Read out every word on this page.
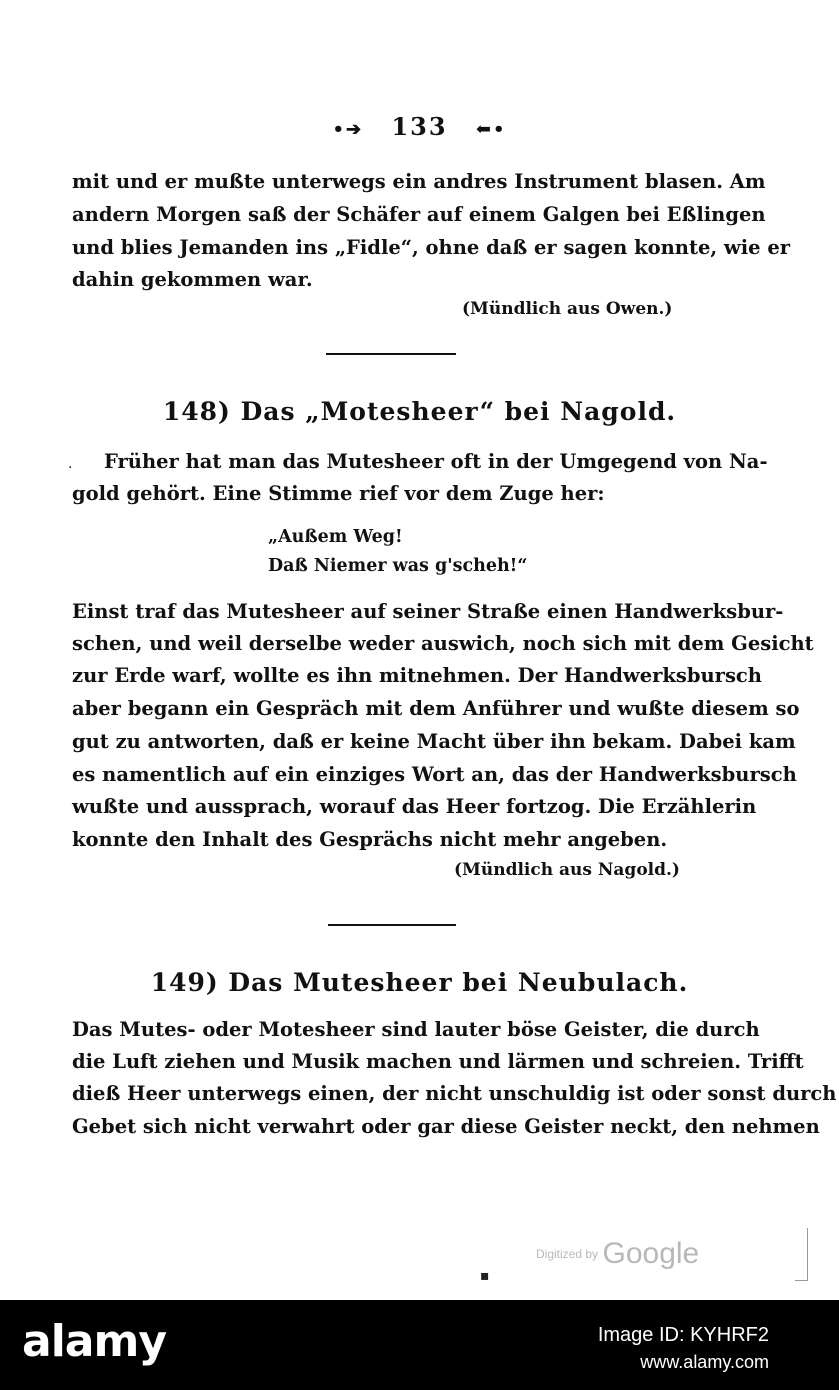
•➔ 133 ⬅•
mit und er mußte unterwegs ein andres Instrument blasen. Am
andern Morgen saß der Schäfer auf einem Galgen bei Eßlingen
und blies Jemanden ins „Fidle“, ohne daß er sagen konnte, wie er
dahin gekommen war.
(Mündlich aus Owen.)
148) Das „Motesheer“ bei Nagold.
. Früher hat man das Mutesheer oft in der Umgegend von Na-
gold gehört. Eine Stimme rief vor dem Zuge her:
„Außem Weg!
Daß Niemer was g'scheh!“
Einst traf das Mutesheer auf seiner Straße einen Handwerksbur-
schen, und weil derselbe weder auswich, noch sich mit dem Gesicht
zur Erde warf, wollte es ihn mitnehmen. Der Handwerksbursch
aber begann ein Gespräch mit dem Anführer und wußte diesem so
gut zu antworten, daß er keine Macht über ihn bekam. Dabei kam
es namentlich auf ein einziges Wort an, das der Handwerksbursch
wußte und aussprach, worauf das Heer fortzog. Die Erzählerin
konnte den Inhalt des Gesprächs nicht mehr angeben.
(Mündlich aus Nagold.)
149) Das Mutesheer bei Neubulach.
Das Mutes- oder Motesheer sind lauter böse Geister, die durch
die Luft ziehen und Musik machen und lärmen und schreien. Trifft
dieß Heer unterwegs einen, der nicht unschuldig ist oder sonst durch
Gebet sich nicht verwahrt oder gar diese Geister neckt, den nehmen
Digitized by Google
▪
alamy	Image ID: KYHRF2
www.alamy.com
